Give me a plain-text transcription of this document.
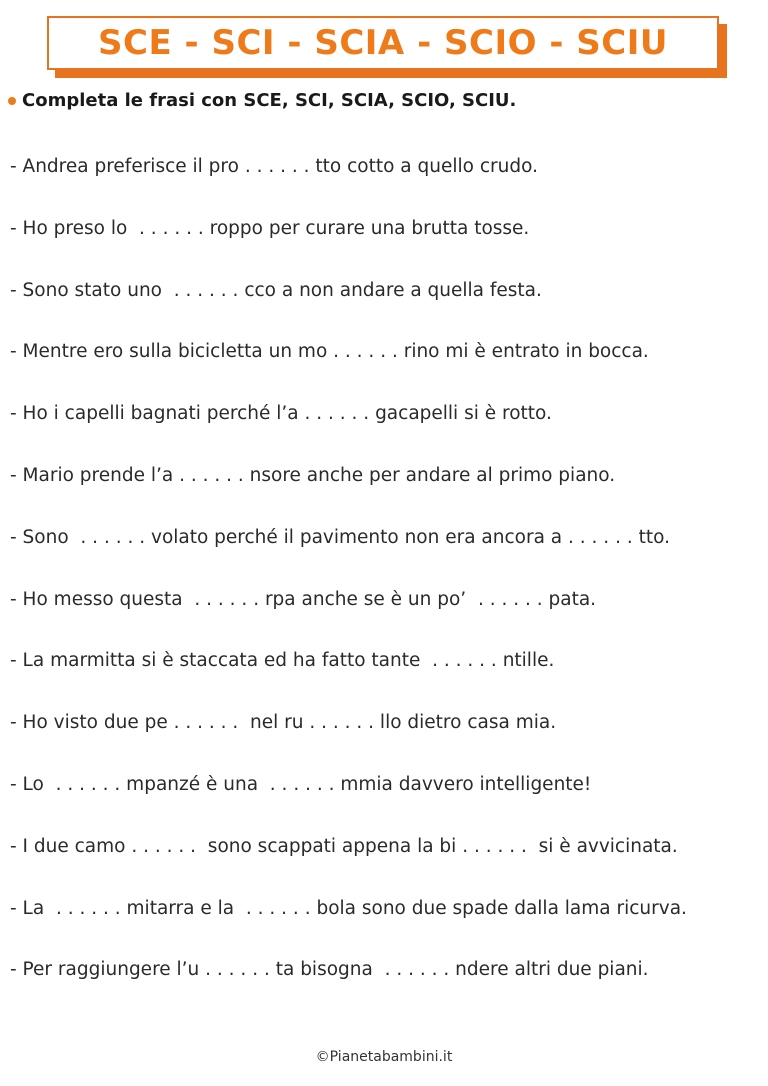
SCE - SCI - SCIA - SCIO - SCIU
Completa le frasi con SCE, SCI, SCIA, SCIO, SCIU.
- Andrea preferisce il pro . . . . . . tto cotto a quello crudo.
- Ho preso lo  . . . . . . roppo per curare una brutta tosse.
- Sono stato uno  . . . . . . cco a non andare a quella festa.
- Mentre ero sulla bicicletta un mo . . . . . . rino mi è entrato in bocca.
- Ho i capelli bagnati perché l’a . . . . . . gacapelli si è rotto.
- Mario prende l’a . . . . . . nsore anche per andare al primo piano.
- Sono  . . . . . . volato perché il pavimento non era ancora a . . . . . . tto.
- Ho messo questa  . . . . . . rpa anche se è un po’  . . . . . . pata.
- La marmitta si è staccata ed ha fatto tante  . . . . . . ntille.
- Ho visto due pe . . . . . .  nel ru . . . . . . llo dietro casa mia.
- Lo  . . . . . . mpanzé è una  . . . . . . mmia davvero intelligente!
- I due camo . . . . . .  sono scappati appena la bi . . . . . .  si è avvicinata.
- La  . . . . . . mitarra e la  . . . . . . bola sono due spade dalla lama ricurva.
- Per raggiungere l’u . . . . . . ta bisogna  . . . . . . ndere altri due piani.
©Pianetabambini.it
